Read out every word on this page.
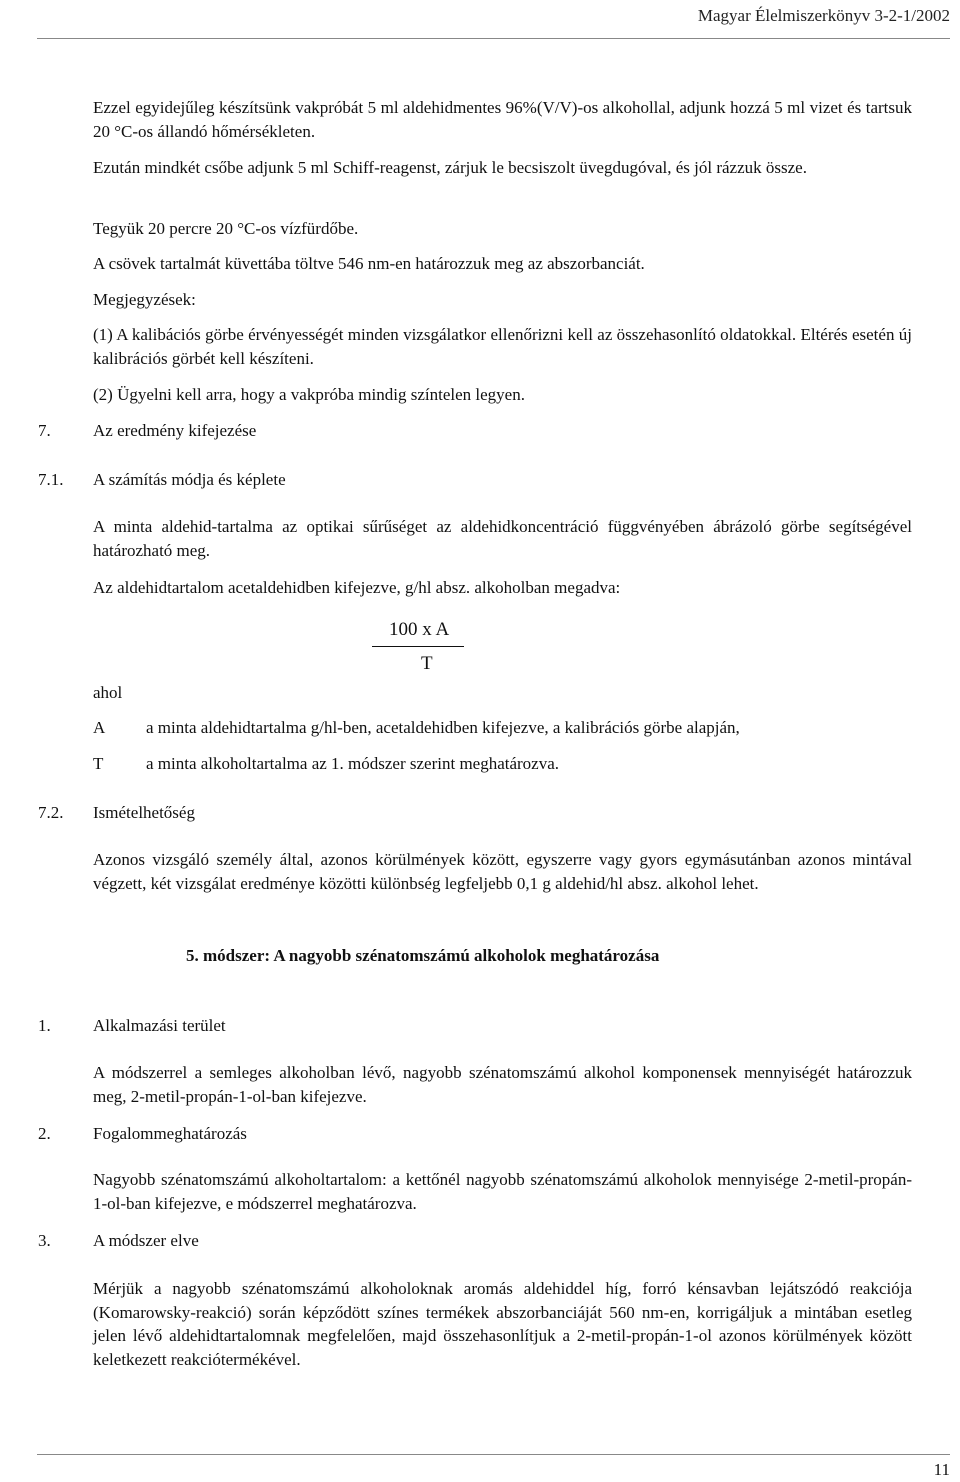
Magyar Élelmiszerkönyv 3-2-1/2002

Ezzel egyidejűleg készítsünk vakpróbát 5 ml aldehidmentes 96%(V/V)-os alkohollal, adjunk hozzá 5 ml vizet és tartsuk 20 °C-os állandó hőmérsékleten.

Ezután mindkét csőbe adjunk 5 ml Schiff-reagenst, zárjuk le becsiszolt üvegdugóval, és jól rázzuk össze.

Tegyük 20 percre 20 °C-os vízfürdőbe.

A csövek tartalmát küvettába töltve 546 nm-en határozzuk meg az abszorbanciát.

Megjegyzések:

(1) A kalibációs görbe érvényességét minden vizsgálatkor ellenőrizni kell az összehasonlító oldatokkal. Eltérés esetén új kalibrációs görbét kell készíteni.

(2) Ügyelni kell arra, hogy a vakpróba mindig színtelen legyen.

7. Az eredmény kifejezése
7.1. A számítás módja és képlete

A minta aldehid-tartalma az optikai sűrűséget az aldehidkoncentráció függvényében ábrázoló görbe segítségével határozható meg.

Az aldehidtartalom acetaldehidben kifejezve, g/hl absz. alkoholban megadva:

100 x A
T
ahol
A a minta aldehidtartalma g/hl-ben, acetaldehidben kifejezve, a kalibrációs görbe alapján,
T	a minta alkoholtartalma az 1. módszer szerint meghatározva.
7.2. Ismételhetőség

Azonos vizsgáló személy által, azonos körülmények között, egyszerre vagy gyors egymásutánban azonos mintával végzett, két vizsgálat eredménye közötti különbség legfeljebb 0,1 g aldehid/hl absz. alkohol lehet.

5. módszer: A nagyobb szénatomszámú alkoholok meghatározása
1. Alkalmazási terület

A módszerrel a semleges alkoholban lévő, nagyobb szénatomszámú alkohol komponensek mennyiségét határozzuk meg, 2-metil-propán-1-ol-ban kifejezve.

2. Fogalommeghatározás

Nagyobb szénatomszámú alkoholtartalom: a kettőnél nagyobb szénatomszámú alkoholok mennyisége 2-metil-propán-1-ol-ban kifejezve, e módszerrel meghatározva.

3. A módszer elve

Mérjük a nagyobb szénatomszámú alkoholoknak aromás aldehiddel híg, forró kénsavban lejátszódó reakciója (Komarowsky-reakció) során képződött színes termékek abszorbanciáját 560 nm-en, korrigáljuk a mintában esetleg jelen lévő aldehidtartalomnak megfelelően, majd összehasonlítjuk a 2-metil-propán-1-ol azonos körülmények között keletkezett reakciótermékével.

11
